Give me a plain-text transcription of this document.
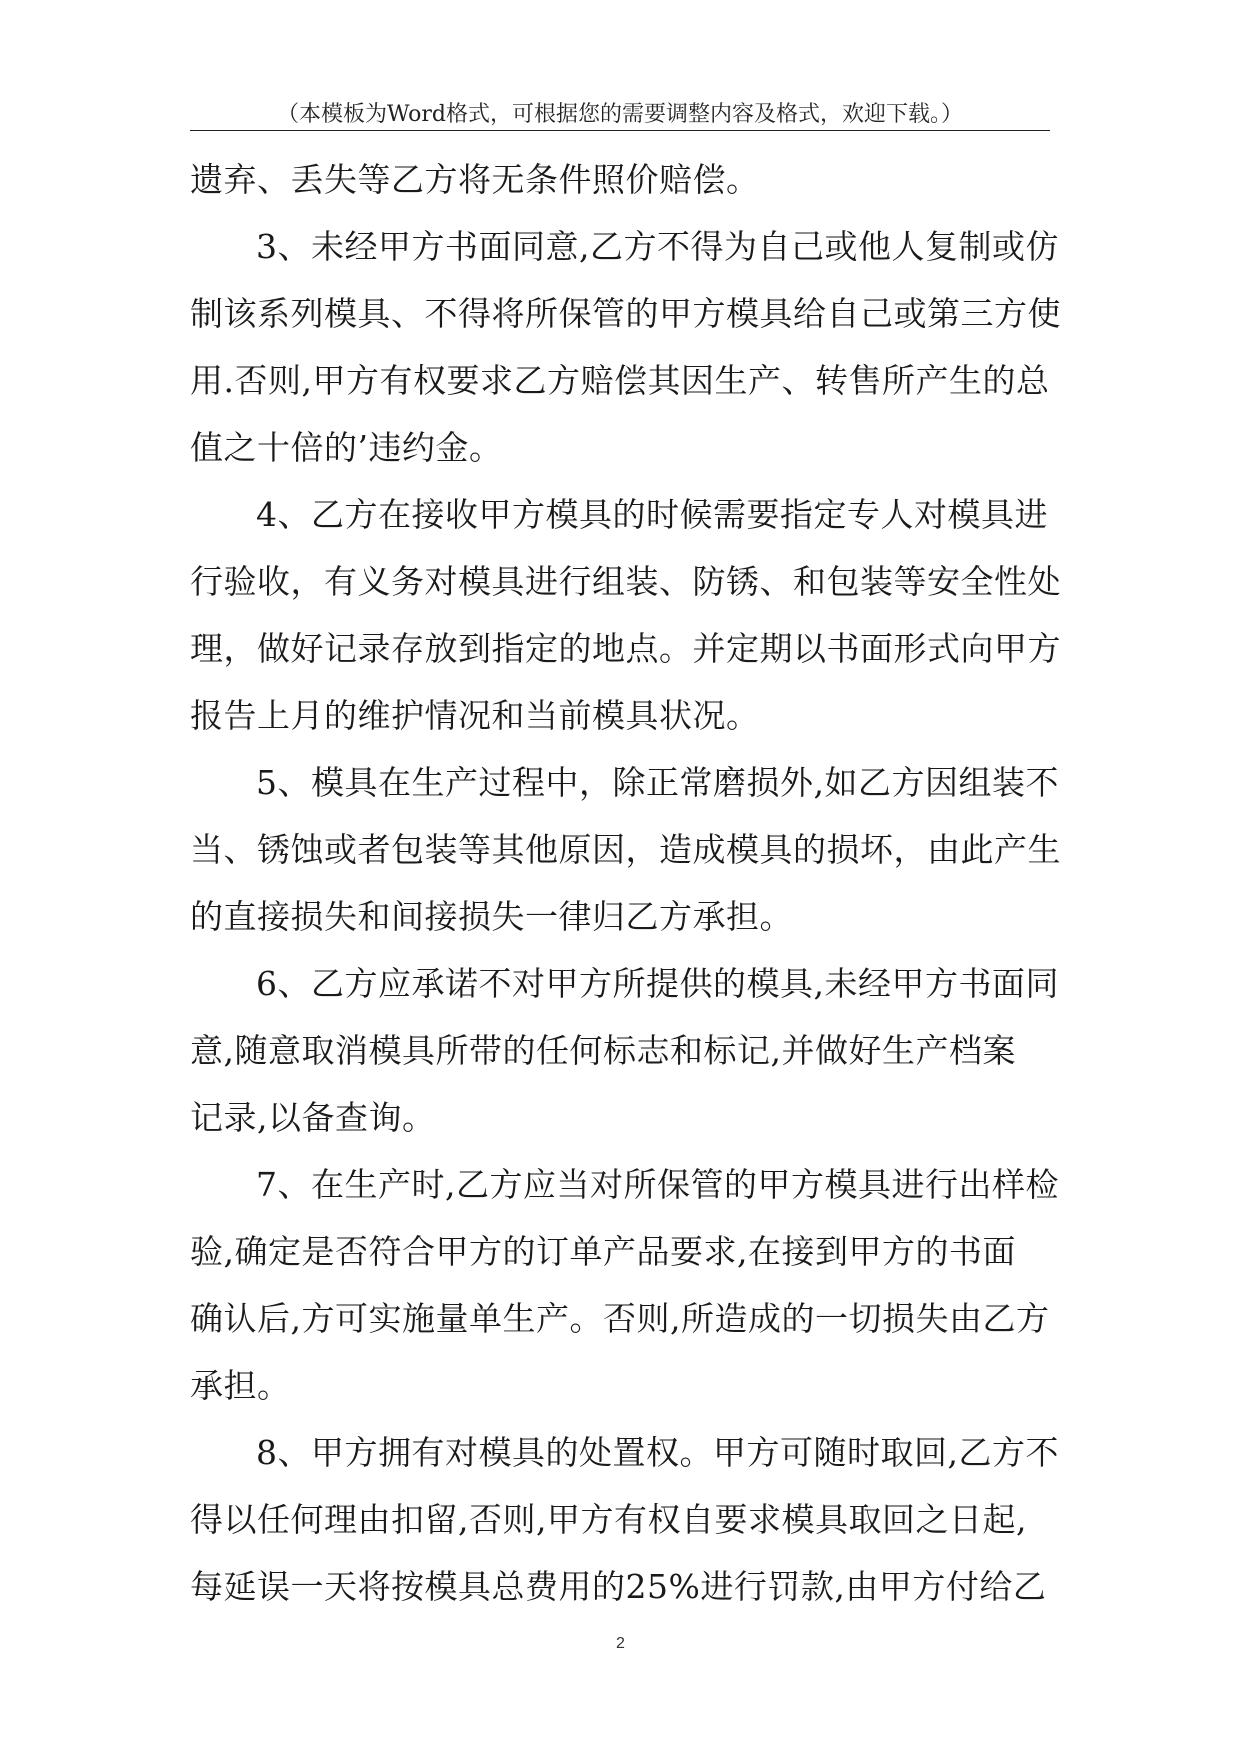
（本模板为Word格式，可根据您的需要调整内容及格式，欢迎下载。）
遗弃、丢失等乙方将无条件照价赔偿。
3、未经甲方书面同意,乙方不得为自己或他人复制或仿
制该系列模具、不得将所保管的甲方模具给自己或第三方使
用.否则,甲方有权要求乙方赔偿其因生产、转售所产生的总
值之十倍的’违约金。
4、乙方在接收甲方模具的时候需要指定专人对模具进
行验收，有义务对模具进行组装、防锈、和包装等安全性处
理，做好记录存放到指定的地点。并定期以书面形式向甲方
报告上月的维护情况和当前模具状况。
5、模具在生产过程中，除正常磨损外,如乙方因组装不
当、锈蚀或者包装等其他原因，造成模具的损坏，由此产生
的直接损失和间接损失一律归乙方承担。
6、乙方应承诺不对甲方所提供的模具,未经甲方书面同
意,随意取消模具所带的任何标志和标记,并做好生产档案
记录,以备查询。
7、在生产时,乙方应当对所保管的甲方模具进行出样检
验,确定是否符合甲方的订单产品要求,在接到甲方的书面
确认后,方可实施量单生产。否则,所造成的一切损失由乙方
承担。
8、甲方拥有对模具的处置权。甲方可随时取回,乙方不
得以任何理由扣留,否则,甲方有权自要求模具取回之日起,
每延误一天将按模具总费用的25%进行罚款,由甲方付给乙
2
